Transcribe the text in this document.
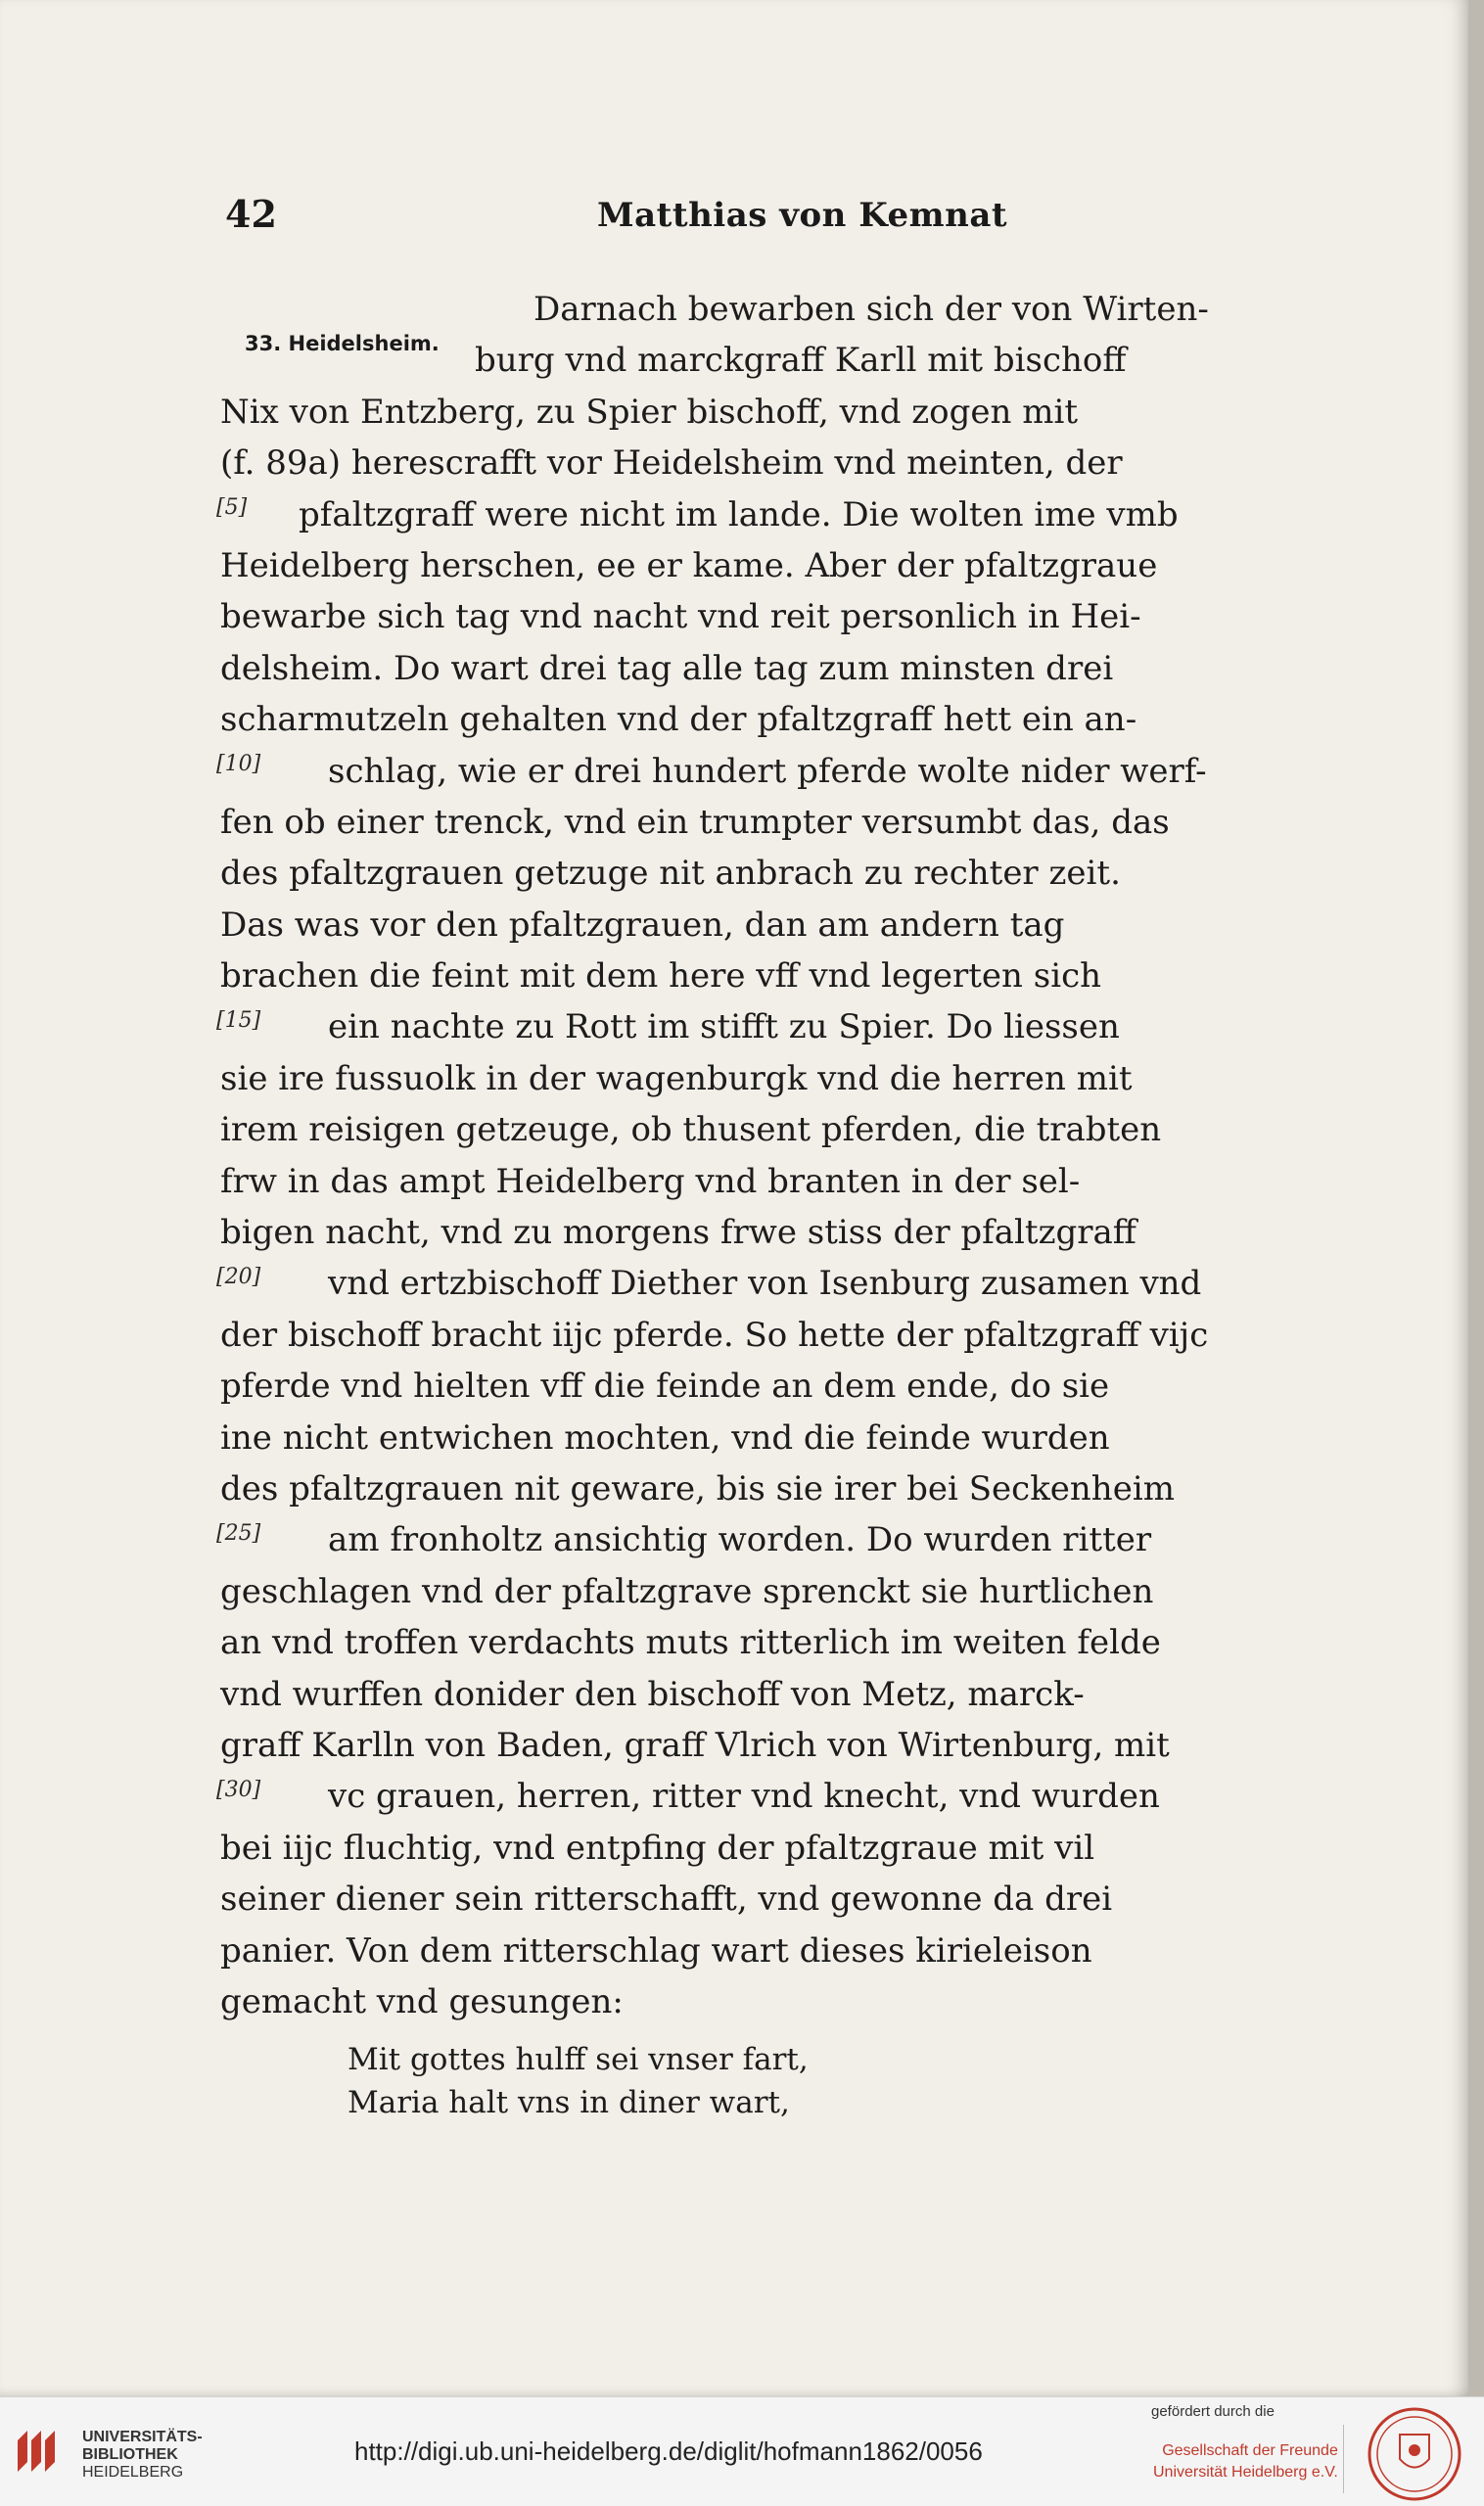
42	Matthias von Kemnat
33. Heidelsheim.
Darnach bewarben sich der von Wirten-
burg vnd marckgraff Karll mit bischoff
Nix von Entzberg, zu Spier bischoff, vnd zogen mit
(f. 89a) herescrafft vor Heidelsheim vnd meinten, der
pfaltzgraff were nicht im lande. Die wolten ime vmb
Heidelberg herschen, ee er kame. Aber der pfaltzgraue
bewarbe sich tag vnd nacht vnd reit personlich in Hei-
delsheim. Do wart drei tag alle tag zum minsten drei
scharmutzeln gehalten vnd der pfaltzgraff hett ein an-
schlag, wie er drei hundert pferde wolte nider werf-
fen ob einer trenck, vnd ein trumpter versumbt das, das
des pfaltzgrauen getzuge nit anbrach zu rechter zeit.
Das was vor den pfaltzgrauen, dan am andern tag
brachen die feint mit dem here vff vnd legerten sich
ein nachte zu Rott im stifft zu Spier. Do liessen
sie ire fussuolk in der wagenburgk vnd die herren mit
irem reisigen getzeuge, ob thusent pferden, die trabten
frw in das ampt Heidelberg vnd branten in der sel-
bigen nacht, vnd zu morgens frwe stiss der pfaltzgraff
vnd ertzbischoff Diether von Isenburg zusamen vnd
der bischoff bracht iijc pferde. So hette der pfaltzgraff vijc
pferde vnd hielten vff die feinde an dem ende, do sie
ine nicht entwichen mochten, vnd die feinde wurden
des pfaltzgrauen nit geware, bis sie irer bei Seckenheim
am fronholtz ansichtig worden. Do wurden ritter
geschlagen vnd der pfaltzgrave sprenckt sie hurtlichen
an vnd troffen verdachts muts ritterlich im weiten felde
vnd wurffen donider den bischoff von Metz, marck-
graff Karlln von Baden, graff Vlrich von Wirtenburg, mit
vc grauen, herren, ritter vnd knecht, vnd wurden
bei iijc fluchtig, vnd entpfing der pfaltzgraue mit vil
seiner diener sein ritterschafft, vnd gewonne da drei
panier. Von dem ritterschlag wart dieses kirieleison
gemacht vnd gesungen:
[5]
[10]
[15]
[20]
[25]
[30]
Mit gottes hulff sei vnser fart,
Maria halt vns in diner wart,
UNIVERSITÄTS-
BIBLIOTHEK
HEIDELBERG
http://digi.ub.uni-heidelberg.de/diglit/hofmann1862/0056
gefördert durch die
Gesellschaft der Freunde
Universität Heidelberg e.V.
